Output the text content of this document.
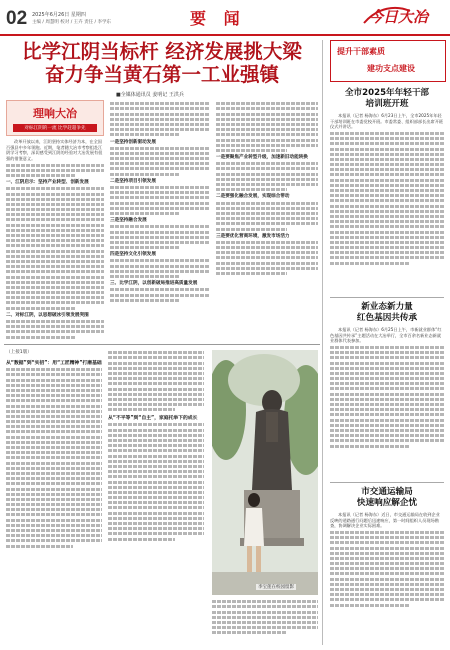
02 2025年6月26日 星期四
主编 / 周慧明 校对 / 王卉 责任 / 李学东	要 闻	今日大冶
比学江阴当标杆 经济发展挑大梁
奋力争当黄石第一工业强镇
■全媒体通讯员 姜明记 王洪兵
理响大冶
对标江阴的一流 比学赶超争先
改革开放以来，江阴坚持实体经济为本，在全国百强县中多年领跑。近期，笔者随大冶市考察组赴江阴学习考察，深切感受到江阴的经验对大冶发展有很强的借鉴意义。
一、江阴启示：坚持产业转型、创新发展
二、对标江阴，以思想破冰引领发展突围
一是坚持创新驱动发展
二是坚持项目引领发展
三是坚持融合发展
四是坚持文化引领发展
三、比学江阴，以创新破局推进高质量发展
一是要聚焦产业转型升级，加速新旧动能转换
二是要强化融合发展，实现综合带动
三是要优化营商环境，激发市场活力
（上接1版）
从“数据”到“实招”：用“工匠精神”打磨基础
从“不平等”到“自主”，家庭托举下的成长
李宝莲在校园留影
提升干部素质
建功支点建设
全市2025年年轻干部
培训班开班
本报讯（记者 杨海东）6月23日上午，全市2025年年轻干部培训班在市委党校开班。市委常委、组织部部长出席开班仪式并讲话。
新业态新力量
红色基因共传承
本报讯（记者 杨海东）6月25日上午，市新就业群体“红色基因共传承”主题活动在大冶举行，全市百余名新业态新就业群体代表参加。
市交通运输局
快速响应解企忧
本报讯（记者 杨海东）近日，市交通运输局在收到企业反映的道路通行问题后迅速响应，第一时间组织人员现场勘查，协调解决企业实际困难。
